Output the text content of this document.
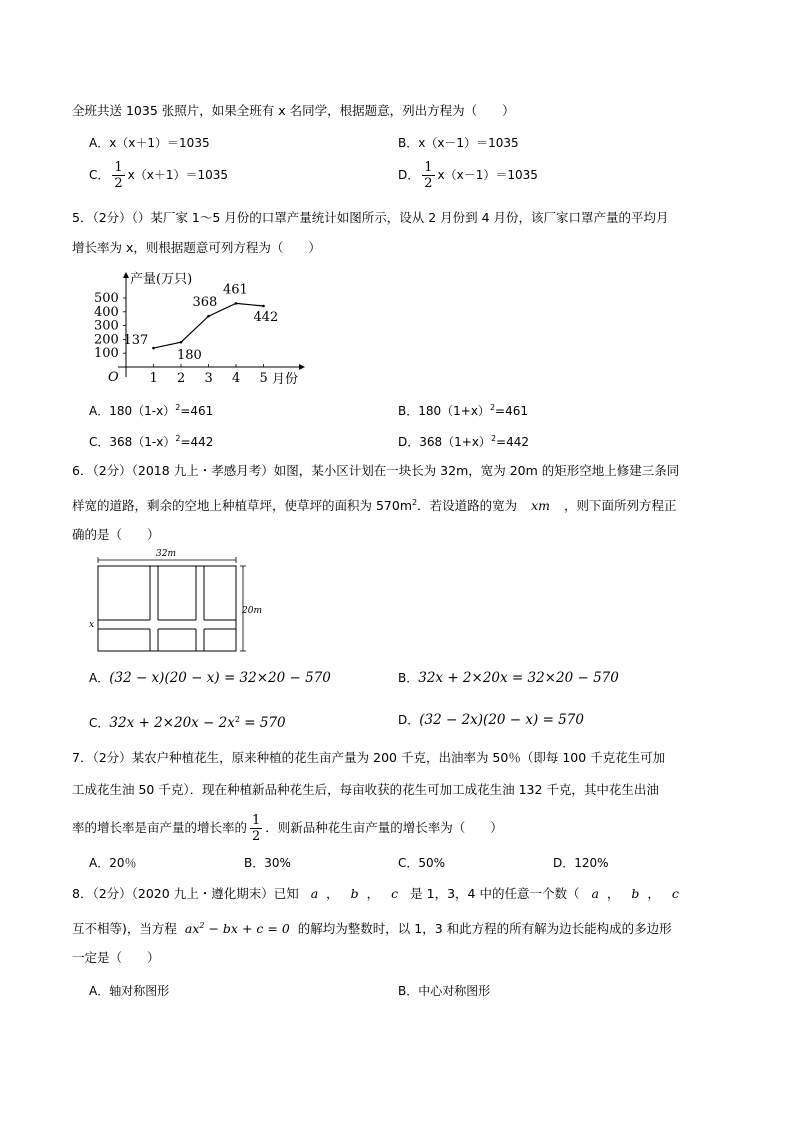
全班共送 1035 张照片，如果全班有 x 名同学，根据题意，列出方程为（　　）
A．x（x＋1）＝1035	B．x（x－1）＝1035
C． $\frac{1}{2} x(x+1)=1035$	D． $\frac{1}{2} x(x-1)=1035$
5．（2分）（）某厂家 1～5 月份的口罩产量统计如图所示，设从 2 月份到 4 月份，该厂家口罩产量的平均月
增长率为 x，则根据题意可列方程为（　　）
产量(万只)
月份
O
100
200
300
400
500
1 2 3 4 5
137
180
368
461
442
A．$180(1-x)^2=461$	B．$180(1+x)^2=461$
C．$368(1-x)^2=442$	D．$368(1+x)^2=442$
6．（2分）（2018 九上・孝感月考）如图，某小区计划在一块长为 32m，宽为 20m 的矩形空地上修建三条同
样宽的道路，剩余的空地上种植草坪，使草坪的面积为 $570m^2$．若设道路的宽为 xm ，则下面所列方程正
确的是（　　）
32m
20m
x
A．(32 − x)(20 − x) = 32×20 − 570	B．32x + 2×20x = 32×20 − 570
C．$32x + 2\times 20x - 2x^2 = 570$	D．(32 − 2x)(20 − x) = 570
7．（2分）某农户种植花生，原来种植的花生亩产量为 200 千克，出油率为 50％（即每 100 千克花生可加
工成花生油 50 千克）．现在种植新品种花生后，每亩收获的花生可加工成花生油 132 千克，其中花生出油
率的增长率是亩产量的增长率的 $\frac{1}{2}$ ．则新品种花生亩产量的增长率为（　　）
A．20％	B．30%	C．50%	D．120%
8．（2分）（2020 九上・遵化期末）已知 a ， b ， c 是 1，3，4 中的任意一个数（ a ， b ， c
互不相等)，当方程 $ax^2$ − bx + c = 0 的解均为整数时，以 1，3 和此方程的所有解为边长能构成的多边形
一定是（　　）
A．轴对称图形	B．中心对称图形
